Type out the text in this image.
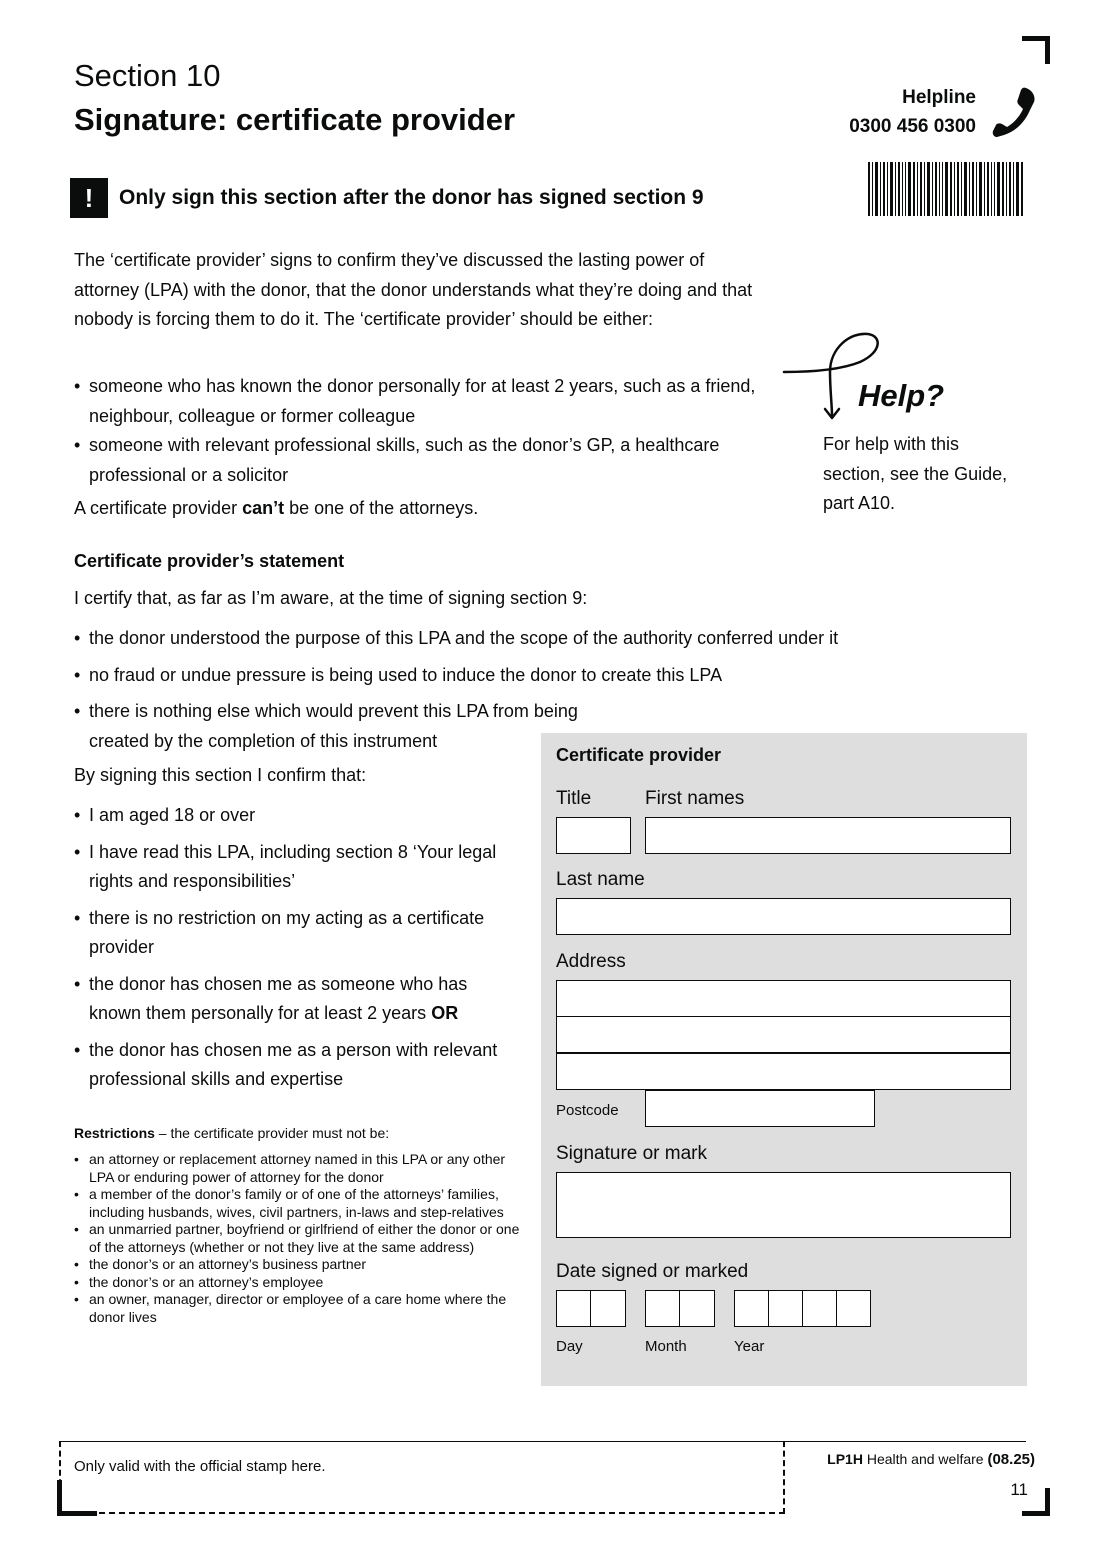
Section 10
Signature: certificate provider
Helpline
0300 456 0300
!	Only sign this section after the donor has signed section 9

The ‘certificate provider’ signs to confirm they’ve discussed the lasting power of attorney (LPA) with the donor, that the donor understands what they’re doing and that nobody is forcing them to do it. The ‘certificate provider’ should be either:

• someone who has known the donor personally for at least 2 years, such as a friend, neighbour, colleague or former colleague
• someone with relevant professional skills, such as the donor’s GP, a healthcare professional or a solicitor
A certificate provider can’t be one of the attorneys.
Help?

For help with this section, see the Guide, part A10.

Certificate provider’s statement
I certify that, as far as I’m aware, at the time of signing section 9:
• the donor understood the purpose of this LPA and the scope of the authority conferred under it
• no fraud or undue pressure is being used to induce the donor to create this LPA
• there is nothing else which would prevent this LPA from being created by the completion of this instrument
By signing this section I confirm that:
• I am aged 18 or over
• I have read this LPA, including section 8 ‘Your legal rights and responsibilities’
• there is no restriction on my acting as a certificate provider
• the donor has chosen me as someone who has known them personally for at least 2 years OR
• the donor has chosen me as a person with relevant professional skills and expertise
Restrictions – the certificate provider must not be:
• an attorney or replacement attorney named in this LPA or any other LPA or enduring power of attorney for the donor
• a member of the donor’s family or of one of the attorneys’ families, including husbands, wives, civil partners, in-laws and step-relatives
• an unmarried partner, boyfriend or girlfriend of either the donor or one of the attorneys (whether or not they live at the same address)
• the donor’s or an attorney’s business partner
• the donor’s or an attorney’s employee
• an owner, manager, director or employee of a care home where the donor lives
Certificate provider
Title	First names
Last name
Address
Postcode
Signature or mark
Date signed or marked
Day	Month	Year
Only valid with the official stamp here.	LP1H Health and welfare (08.25)
11
